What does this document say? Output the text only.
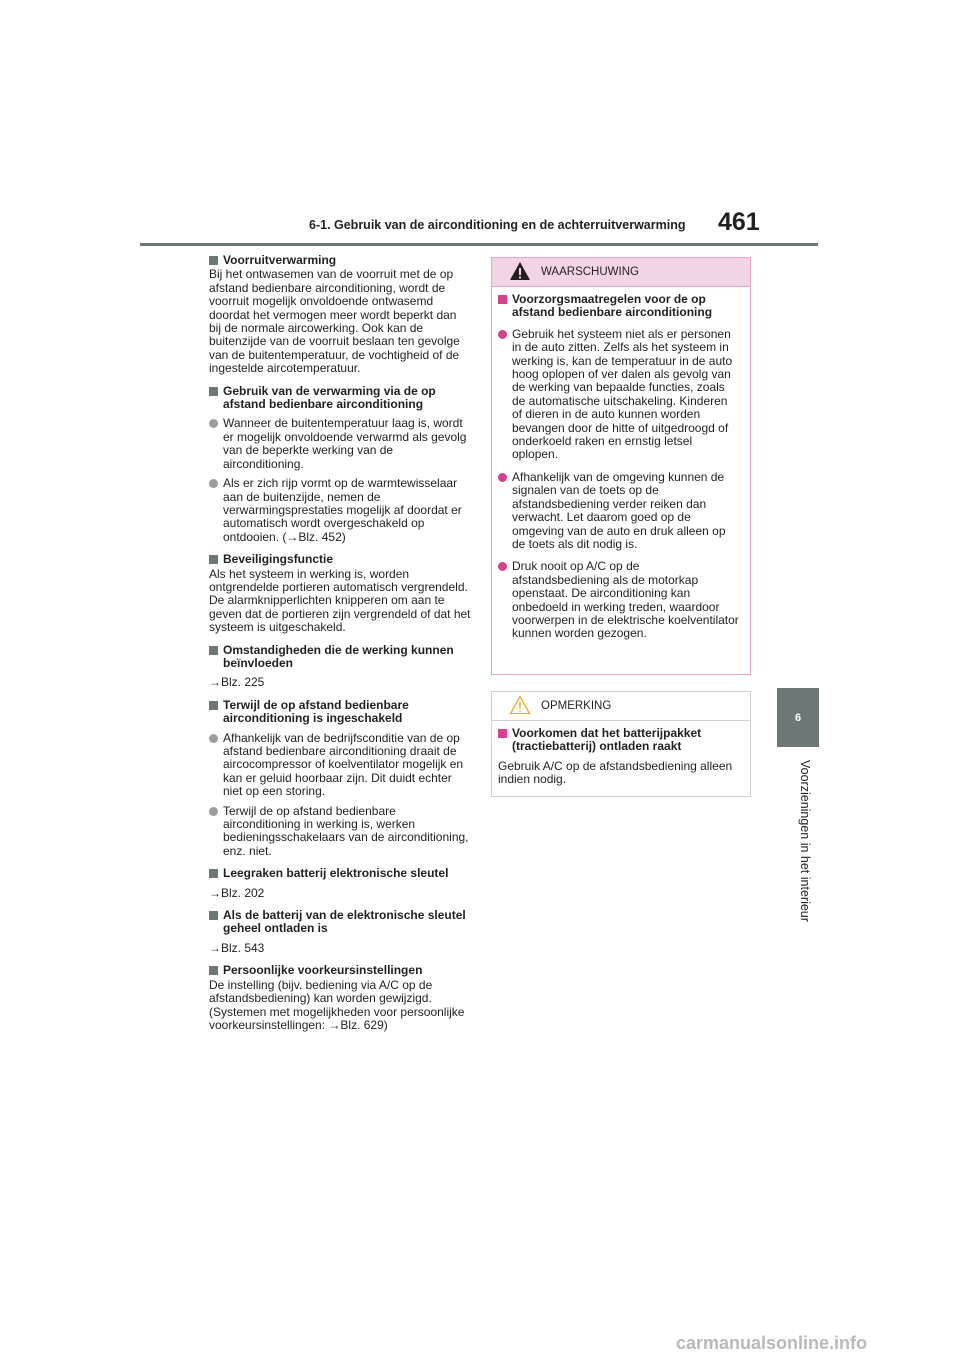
6-1. Gebruik van de airconditioning en de achterruitverwarming 461
6
Voorzieningen in het interieur
Voorruitverwarming
Bij het ontwasemen van de voorruit met de op afstand bedienbare airconditioning, wordt de voorruit mogelijk onvoldoende ontwasemd doordat het vermogen meer wordt beperkt dan bij de normale aircowerking. Ook kan de buitenzijde van de voorruit beslaan ten gevolge van de buitentemperatuur, de vochtigheid of de ingestelde aircotemperatuur.
Gebruik van de verwarming via de op afstand bedienbare airconditioning
Wanneer de buitentemperatuur laag is, wordt er mogelijk onvoldoende verwarmd als gevolg van de beperkte werking van de airconditioning.
Als er zich rijp vormt op de warmtewisselaar aan de buitenzijde, nemen de verwarmingsprestaties mogelijk af doordat er automatisch wordt overgeschakeld op ontdooien. (→Blz. 452)
Beveiligingsfunctie
Als het systeem in werking is, worden ontgrendelde portieren automatisch vergrendeld. De alarmknipperlichten knipperen om aan te geven dat de portieren zijn vergrendeld of dat het systeem is uitgeschakeld.
Omstandigheden die de werking kunnen beïnvloeden
→Blz. 225
Terwijl de op afstand bedienbare airconditioning is ingeschakeld
Afhankelijk van de bedrijfsconditie van de op afstand bedienbare airconditioning draait de aircocompressor of koelventilator mogelijk en kan er geluid hoorbaar zijn. Dit duidt echter niet op een storing.
Terwijl de op afstand bedienbare airconditioning in werking is, werken bedieningsschakelaars van de airconditioning, enz. niet.
Leegraken batterij elektronische sleutel
→Blz. 202
Als de batterij van de elektronische sleutel geheel ontladen is
→Blz. 543
Persoonlijke voorkeursinstellingen
De instelling (bijv. bediening via A/C op de afstandsbediening) kan worden gewijzigd. (Systemen met mogelijkheden voor persoonlijke voorkeursinstellingen: →Blz. 629)
WAARSCHUWING
Voorzorgsmaatregelen voor de op afstand bedienbare airconditioning
Gebruik het systeem niet als er personen in de auto zitten. Zelfs als het systeem in werking is, kan de temperatuur in de auto hoog oplopen of ver dalen als gevolg van de werking van bepaalde functies, zoals de automatische uitschakeling. Kinderen of dieren in de auto kunnen worden bevangen door de hitte of uitgedroogd of onderkoeld raken en ernstig letsel oplopen.
Afhankelijk van de omgeving kunnen de signalen van de toets op de afstandsbediening verder reiken dan verwacht. Let daarom goed op de omgeving van de auto en druk alleen op de toets als dit nodig is.
Druk nooit op A/C op de afstandsbediening als de motorkap openstaat. De airconditioning kan onbedoeld in werking treden, waardoor voorwerpen in de elektrische koelventilator kunnen worden gezogen.
OPMERKING
Voorkomen dat het batterijpakket (tractiebatterij) ontladen raakt
Gebruik A/C op de afstandsbediening alleen indien nodig.
carmanualsonline.info
